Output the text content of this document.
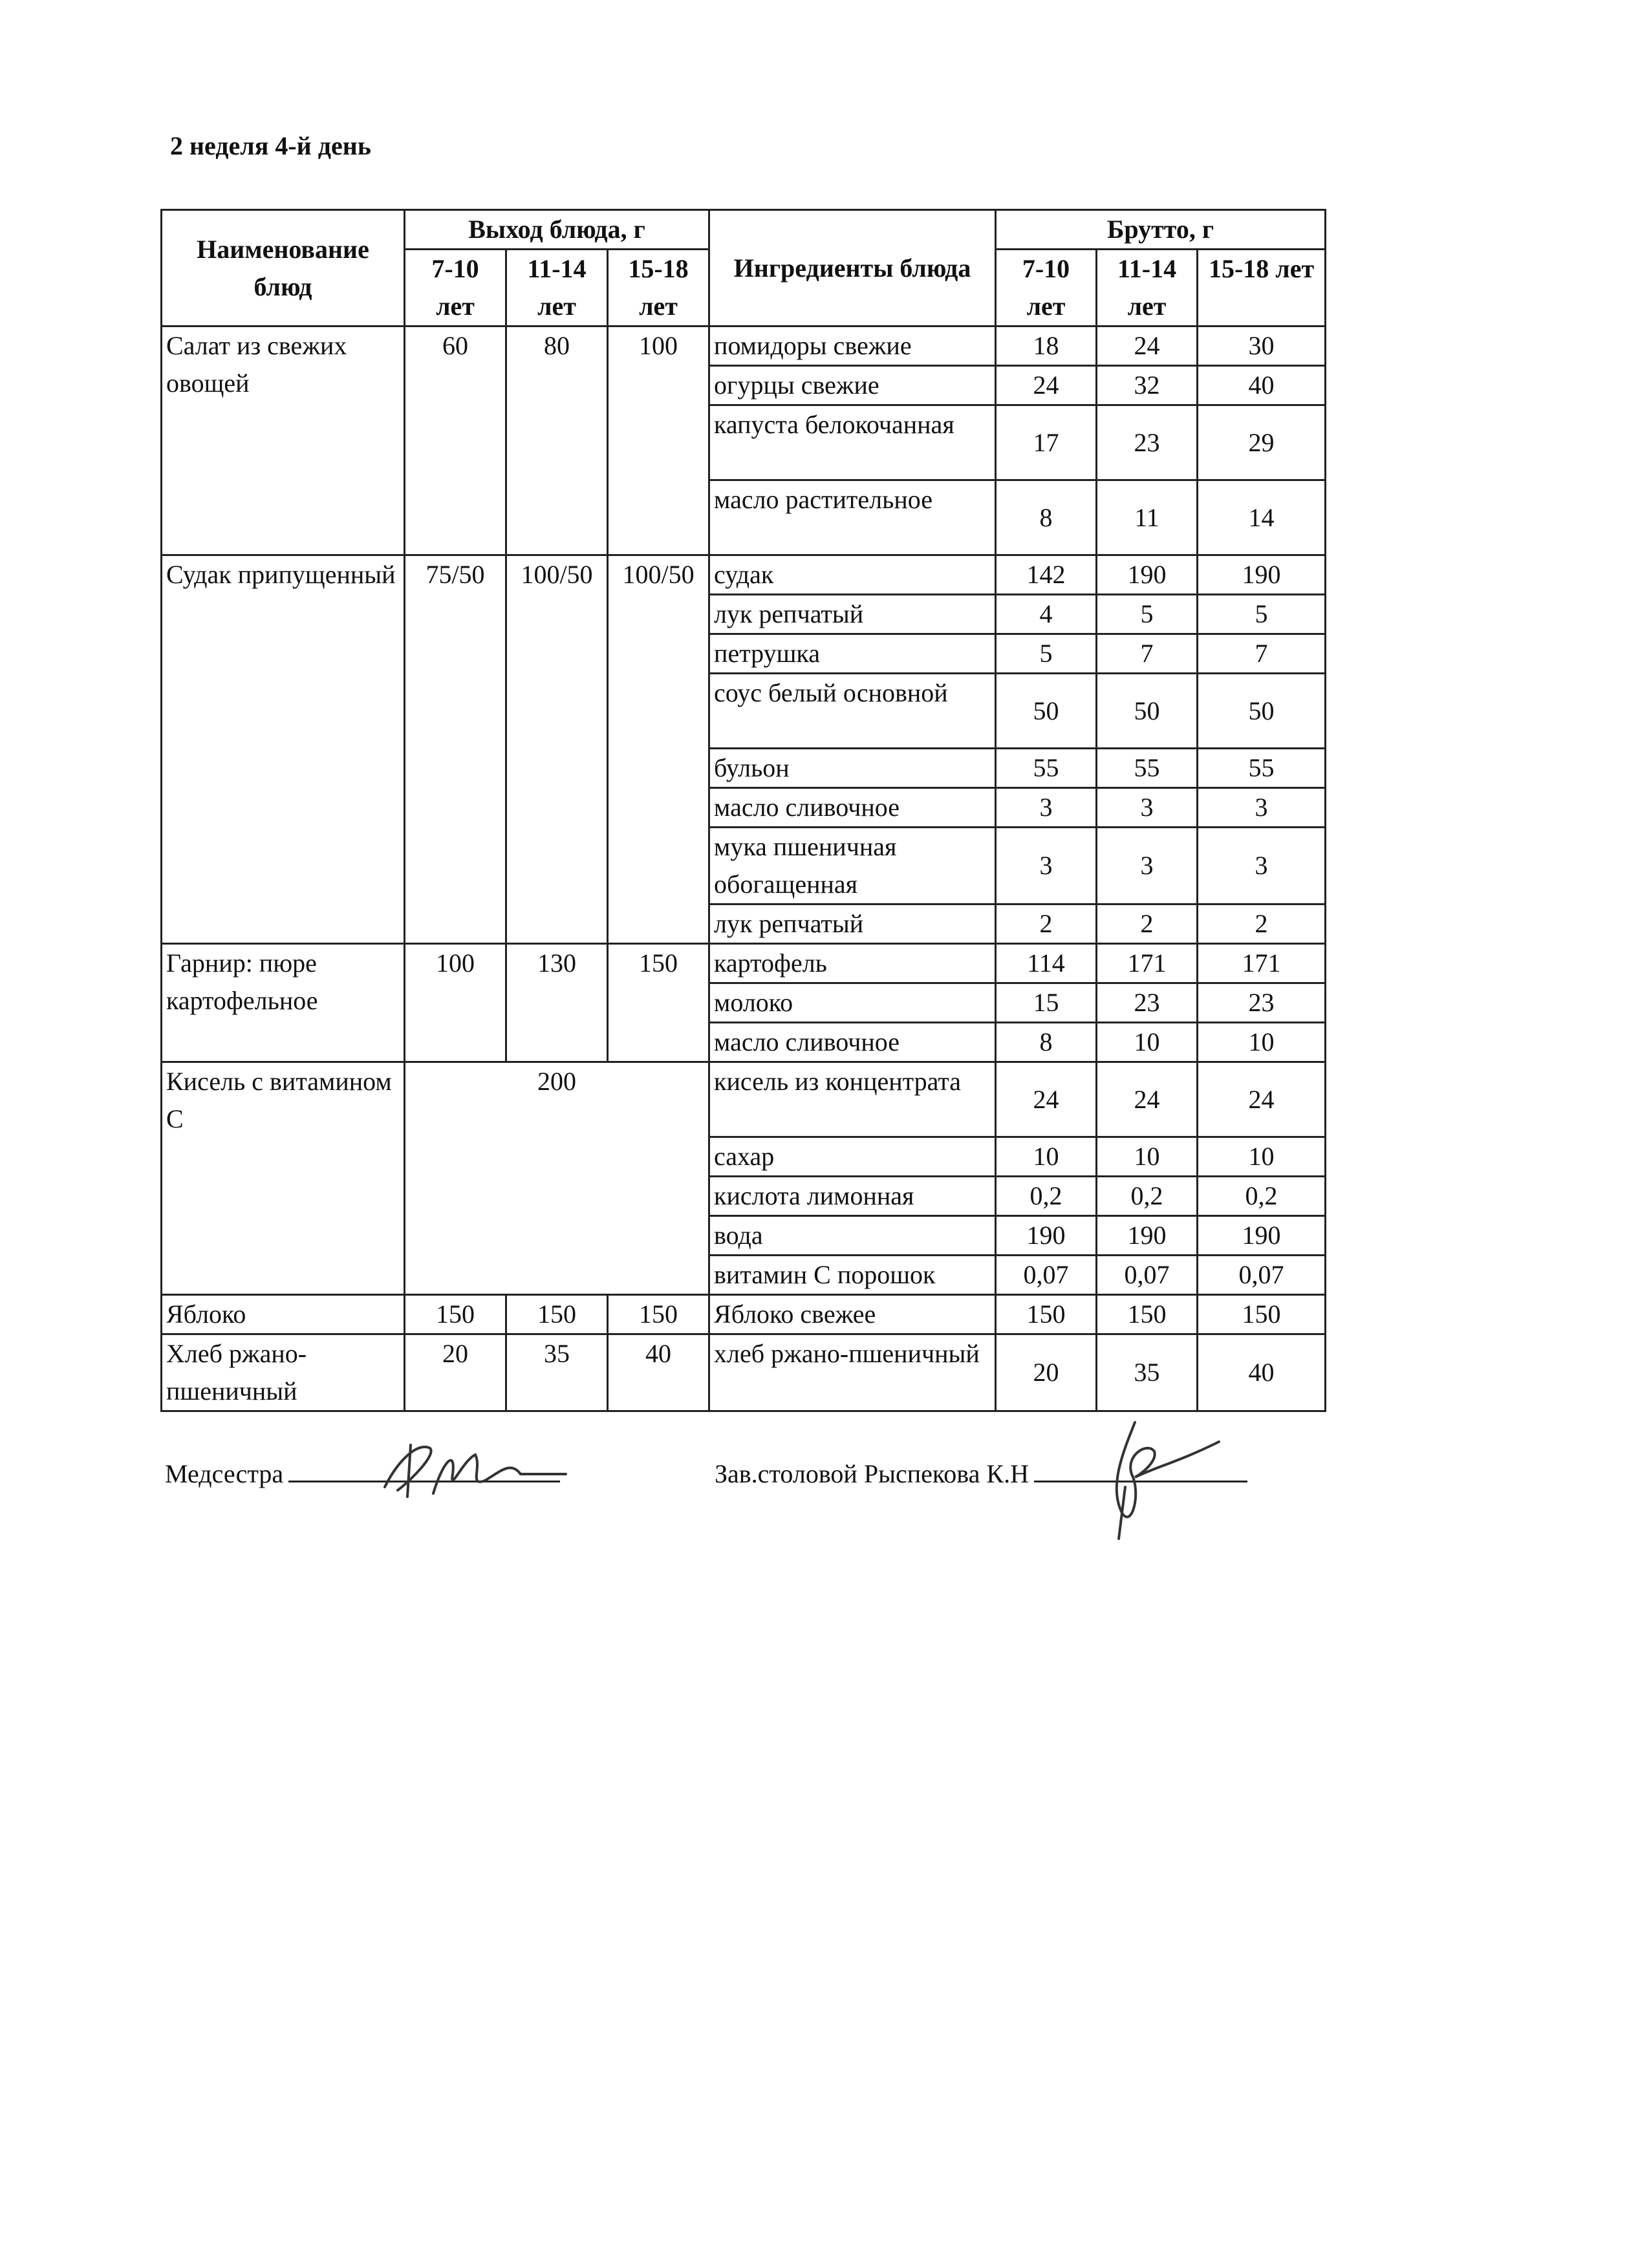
2 неделя 4-й день
Наименование блюд	Выход блюда, г			Ингредиенты блюда	Брутто, г		
	7-10 лет	11-14 лет	15-18 лет		7-10 лет	11-14 лет	15-18 лет
Салат из свежих овощей	60	80	100	помидоры свежие	18	24	30
				огурцы свежие	24	32	40
				капуста белокочанная	17	23	29
				масло растительное	8	11	14
Судак припущенный	75/50	100/50	100/50	судак	142	190	190
				лук репчатый	4	5	5
				петрушка	5	7	7
				соус белый основной	50	50	50
				бульон	55	55	55
				масло сливочное	3	3	3
				мука пшеничная обогащенная	3	3	3
				лук репчатый	2	2	2
Гарнир: пюре картофельное	100	130	150	картофель	114	171	171
				молоко	15	23	23
				масло сливочное	8	10	10
Кисель с витамином С	200			кисель из концентрата	24	24	24
				сахар	10	10	10
				кислота лимонная	0,2	0,2	0,2
				вода	190	190	190
				витамин С порошок	0,07	0,07	0,07
Яблоко	150	150	150	Яблоко свежее	150	150	150
Хлеб ржано-пшеничный	20	35	40	хлеб ржано-пшеничный	20	35	40
Медсестра	Зав.столовой Рыспекова К.Н
